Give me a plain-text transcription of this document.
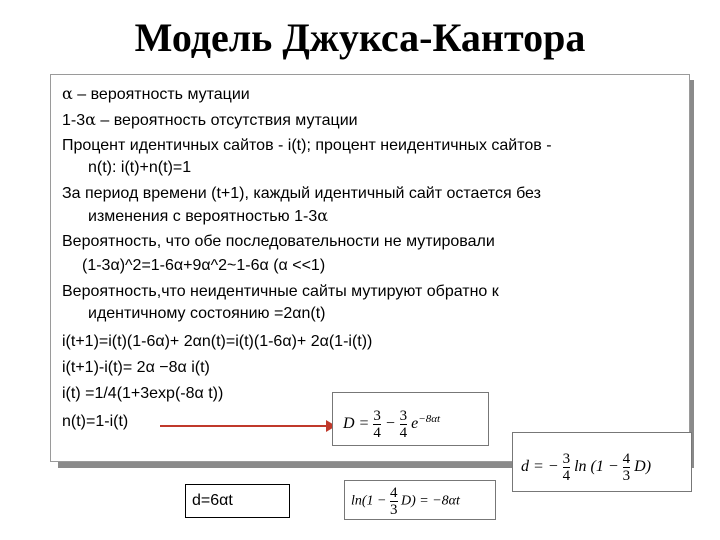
Модель Джукса-Кантора
α – вероятность мутации
1-3α – вероятность отсутствия мутации
Процент идентичных сайтов - i(t); процент неидентичных сайтов -
n(t): i(t)+n(t)=1
За период времени (t+1), каждый идентичный сайт остается без
изменения с вероятностью 1-3α
Вероятность, что обе последовательности не мутировали
(1-3α)^2=1-6α+9α^2~1-6α (α <<1)
Вероятность,что неидентичные сайты мутируют обратно к
идентичному состоянию =2αn(t)
i(t+1)=i(t)(1-6α)+ 2αn(t)=i(t)(1-6α)+ 2α(1-i(t))
i(t+1)-i(t)= 2α −8α i(t)
i(t) =1/4(1+3exp(-8α t))
n(t)=1-i(t)	$D = \frac{3}{4} - \frac{3}{4} e^{-8\alpha t}$
d = − $\frac{3}{4}$ $\ln (1 - \frac{4}{3} D)$
$\ln(1 - \frac{4}{3} D) = -8\alpha t$
d=6αt
